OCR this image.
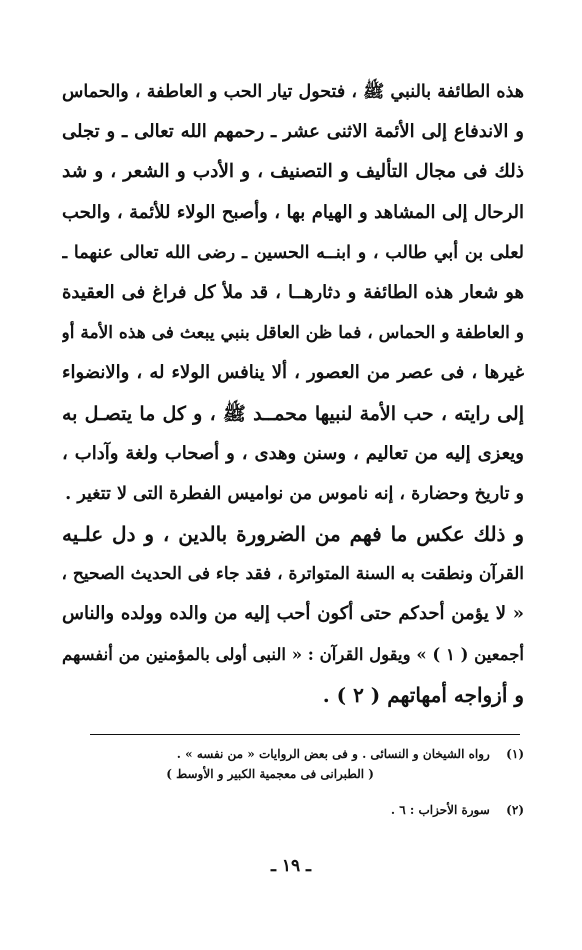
هذه الطائفة بالنبي ﷺ ، فتحول تيار الحب و العاطفة ، والحماس
و الاندفاع إلى الأئمة الاثنى عشر ـ رحمهم الله تعالى ـ و تجلى
ذلك فى مجال التأليف و التصنيف ، و الأدب و الشعر ، و شد
الرحال إلى المشاهد و الهيام بها ، وأصبح الولاء للأئمة ، والحب
لعلى بن أبي طالب ، و ابنــه الحسين ـ رضى الله تعالى عنهما ـ
هو شعار هذه الطائفة و دثارهــا ، قد ملأ كل فراغ فى العقيدة
و العاطفة و الحماس ، فما ظن العاقل بنبي يبعث فى هذه الأمة أو
غيرها ، فى عصر من العصور ، ألا ينافس الولاء له ، والانضواء
إلى رايته ، حب الأمة لنبيها محمــد ﷺ ، و كل ما يتصـل به
ويعزى إليه من تعاليم ، وسنن وهدى ، و أصحاب ولغة وآداب ،
و تاريخ وحضارة ، إنه ناموس من نواميس الفطرة التى لا تتغير .
و ذلك عكس ما فهم من الضرورة بالدين ، و دل علـيه
القرآن ونطقت به السنة المتواترة ، فقد جاء فى الحديث الصحيح ،
« لا يؤمن أحدكم حتى أكون أحب إليه من والده وولده والناس
أجمعين ( ١ ) » ويقول القرآن : « النبى أولى بالمؤمنين من أنفسهم
و أزواجه أمهاتهم ( ٢ ) .
(١) رواه الشيخان و النسائى . و فى بعض الروايات « من نفسه » .
( الطبرانى فى معجمية الكبير و الأوسط )
(٢) سورة الأحزاب : ٦ .
ـ ١٩ ـ
